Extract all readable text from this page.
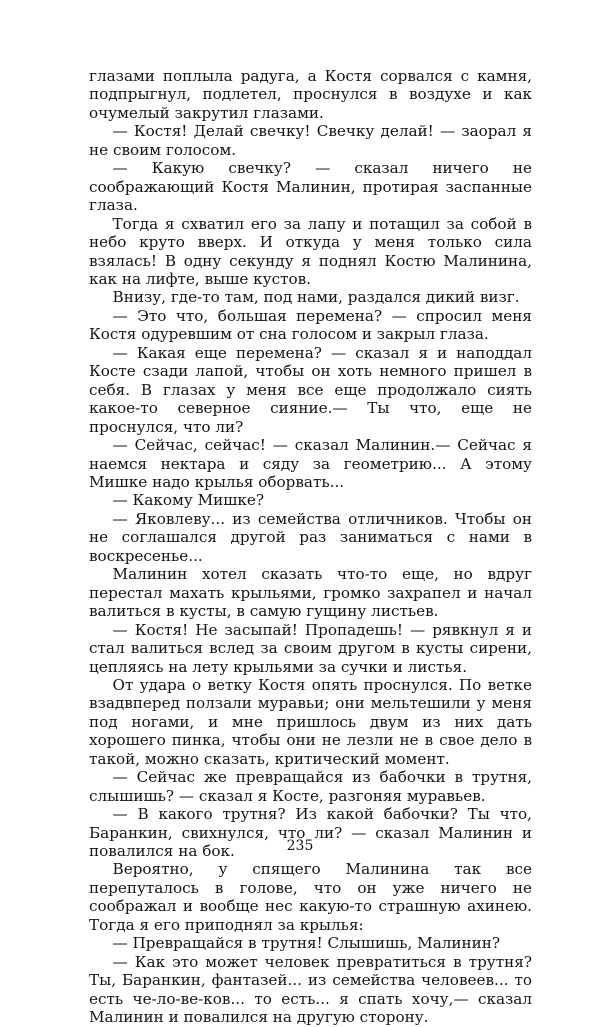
глазами поплыла радуга, а Костя сорвался с камня, подпрыгнул, подлетел, проснулся в воздухе и как очумелый закрутил глазами.

— Костя! Делай свечку! Свечку делай! — заорал я не своим голосом.

— Какую свечку? — сказал ничего не соображающий Костя Малинин, протирая заспанные глаза.

Тогда я схватил его за лапу и потащил за собой в небо круто вверх. И откуда у меня только сила взялась! В одну секунду я поднял Костю Малинина, как на лифте, выше кустов.

Внизу, где-то там, под нами, раздался дикий визг.

— Это что, большая перемена? — спросил меня Костя одуревшим от сна голосом и закрыл глаза.

— Какая еще перемена? — сказал я и наподдал Косте сзади лапой, чтобы он хоть немного пришел в себя. В глазах у меня все еще продолжало сиять какое-то северное сияние.— Ты что, еще не проснулся, что ли?

— Сейчас, сейчас! — сказал Малинин.— Сейчас я наемся нектара и сяду за геометрию... А этому Мишке надо крылья оборвать...

— Какому Мишке?

— Яковлеву... из семейства отличников. Чтобы он не соглашался другой раз заниматься с нами в воскресенье...

Малинин хотел сказать что-то еще, но вдруг перестал махать крыльями, громко захрапел и начал валиться в кусты, в самую гущину листьев.

— Костя! Не засыпай! Пропадешь! — рявкнул я и стал валиться вслед за своим другом в кусты сирени, цепляясь на лету крыльями за сучки и листья.

От удара о ветку Костя опять проснулся. По ветке взадвперед ползали муравьи; они мельтешили у меня под ногами, и мне пришлось двум из них дать хорошего пинка, чтобы они не лезли не в свое дело в такой, можно сказать, критический момент.

— Сейчас же превращайся из бабочки в трутня, слышишь? — сказал я Косте, разгоняя муравьев.

— В какого трутня? Из какой бабочки? Ты что, Баранкин, свихнулся, что ли? — сказал Малинин и повалился на бок.

Вероятно, у спящего Малинина так все перепуталось в голове, что он уже ничего не соображал и вообще нес какую-то страшную ахинею. Тогда я его приподнял за крылья:

— Превращайся в трутня! Слышишь, Малинин?

— Как это может человек превратиться в трутня? Ты, Баранкин, фантазей... из семейства человеев... то есть че-ло-ве-ков... то есть... я спать хочу,— сказал Малинин и повалился на другую сторону.

235
